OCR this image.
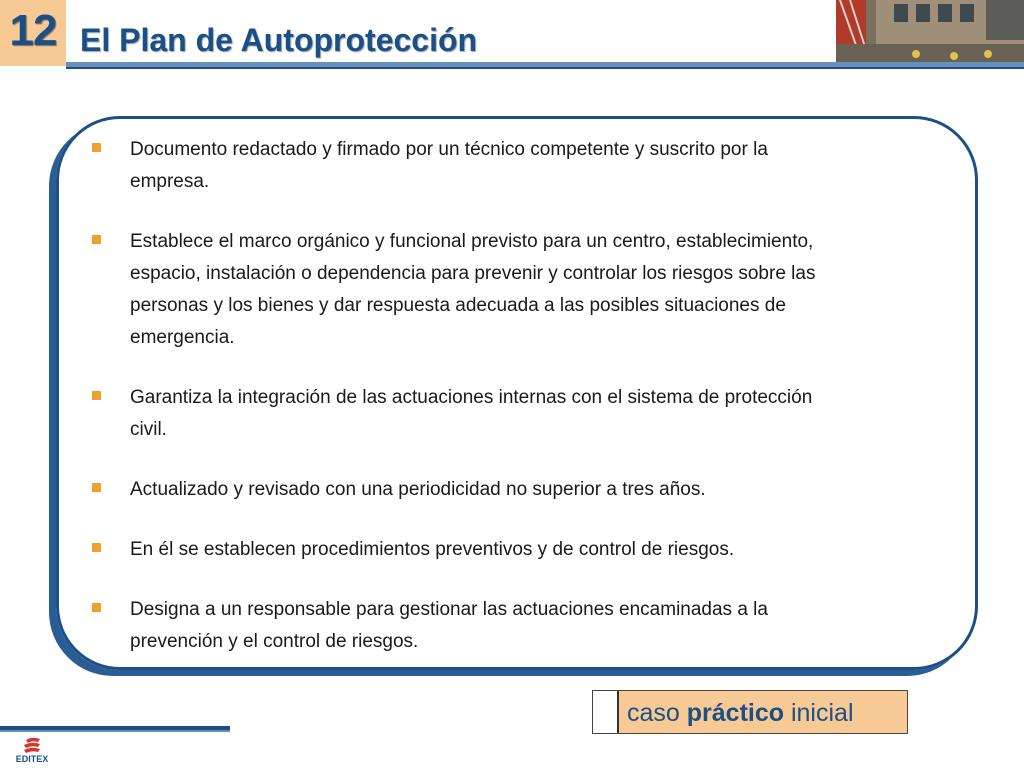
12 El Plan de Autoprotección
Documento redactado y firmado por un técnico competente y suscrito por la
empresa.
Establece el marco orgánico y funcional previsto para un centro, establecimiento,
espacio, instalación o dependencia para prevenir y controlar los riesgos sobre las
personas y los bienes y dar respuesta adecuada a las posibles situaciones de
emergencia.
Garantiza la integración de las actuaciones internas con el sistema de protección
civil.
Actualizado y revisado con una periodicidad no superior a tres años.
En él se establecen procedimientos preventivos y de control de riesgos.
Designa a un responsable para gestionar las actuaciones encaminadas a la
prevención y el control de riesgos.
caso práctico inicial
EDITEX
